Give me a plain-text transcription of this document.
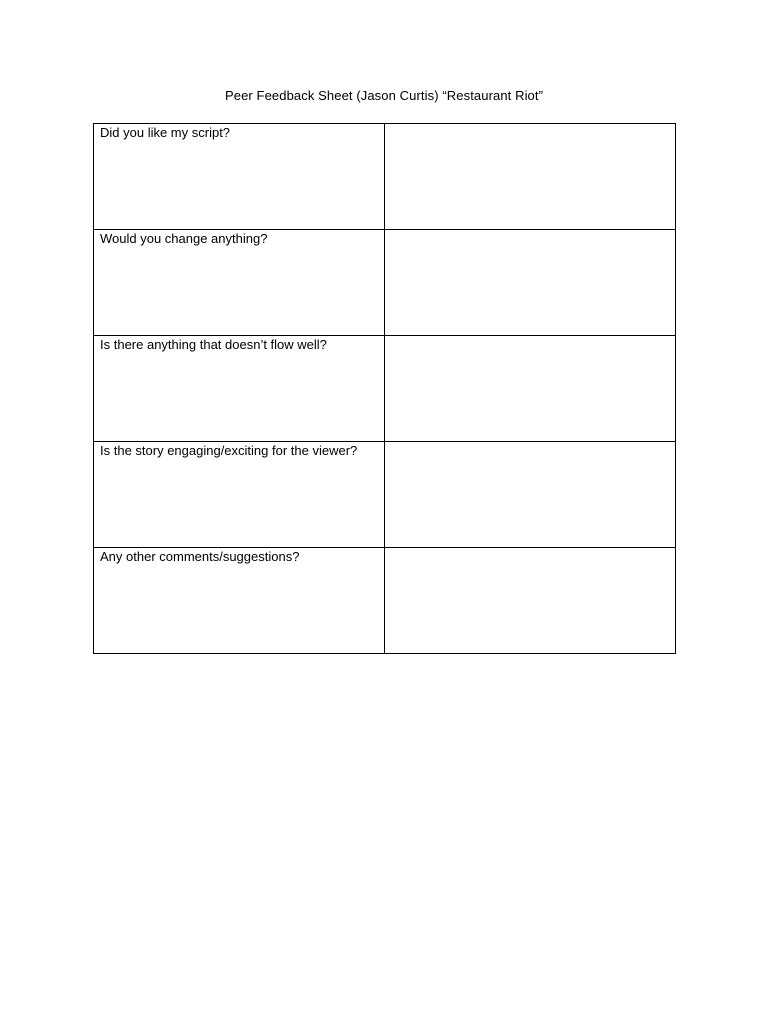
Peer Feedback Sheet (Jason Curtis) “Restaurant Riot”
Did you like my script?	

Would you change anything?	

Is there anything that doesn’t flow well?	

Is the story engaging/exciting for the viewer?	

Any other comments/suggestions?	
